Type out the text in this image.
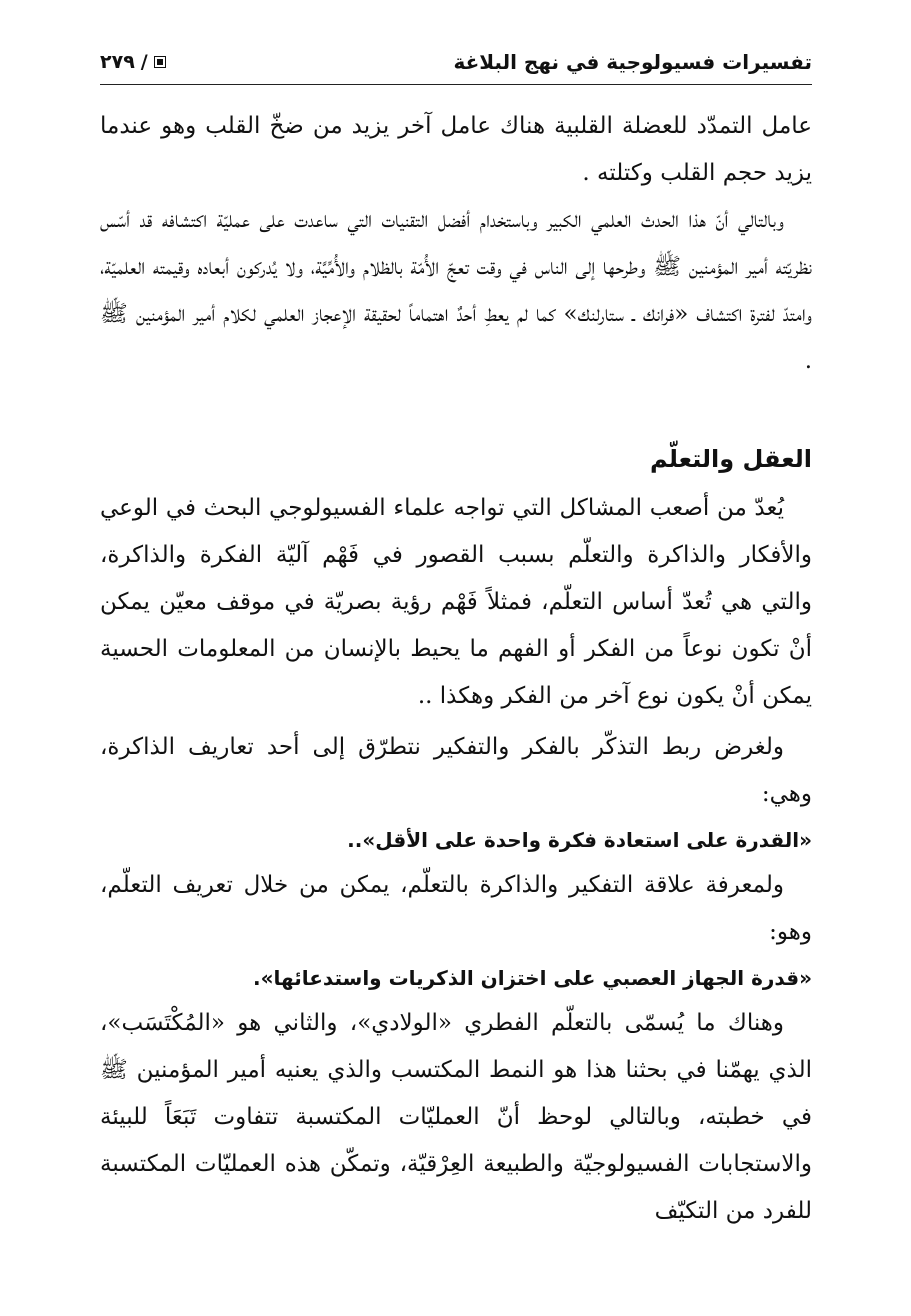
تفسيرات فسيولوجية في نهج البلاغة
/
٢٧٩

عامل التمدّد للعضلة القلبية هناك عامل آخر يزيد من ضخّ القلب وهو عندما يزيد حجم القلب وكتلته .

وبالتالي أنّ هذا الحدث العلمي الكبير وباستخدام أفضل التقنيات التي ساعدت على عمليّة اكتشافه قد أسّس نظريّته أمير المؤمنين ﷺ وطرحها إلى الناس في وقت تعجّ الأُمّة بالظلام والأُمِّيَّة، ولا يُدركون أبعاده وقيمته العلميّة، وامتدّ لفترة اكتشاف «فرانك ـ ستارلنك» كما لم يعطِ أحدٌ اهتماماً لحقيقة الإعجاز العلمي لكلام أمير المؤمنين ﷺ .

العقل والتعلّم

يُعدّ من أصعب المشاكل التي تواجه علماء الفسيولوجي البحث في الوعي والأفكار والذاكرة والتعلّم بسبب القصور في فَهْم آليّة الفكرة والذاكرة، والتي هي تُعدّ أساس التعلّم، فمثلاً فَهْم رؤية بصريّة في موقف معيّن يمكن أنْ تكون نوعاً من الفكر أو الفهم ما يحيط بالإنسان من المعلومات الحسية يمكن أنْ يكون نوع آخر من الفكر وهكذا ..

ولغرض ربط التذكّر بالفكر والتفكير نتطرّق إلى أحد تعاريف الذاكرة، وهي:

«القدرة على استعادة فكرة واحدة على الأقل»..

ولمعرفة علاقة التفكير والذاكرة بالتعلّم، يمكن من خلال تعريف التعلّم، وهو:

«قدرة الجهاز العصبي على اختزان الذكريات واستدعائها».

وهناك ما يُسمّى بالتعلّم الفطري «الولادي»، والثاني هو «المُكْتَسَب»، الذي يهمّنا في بحثنا هذا هو النمط المكتسب والذي يعنيه أمير المؤمنين ﷺ في خطبته، وبالتالي لوحظ أنّ العمليّات المكتسبة تتفاوت تَبَعَاً للبيئة والاستجابات الفسيولوجيّة والطبيعة العِرْقيّة، وتمكّن هذه العمليّات المكتسبة للفرد من التكيّف
